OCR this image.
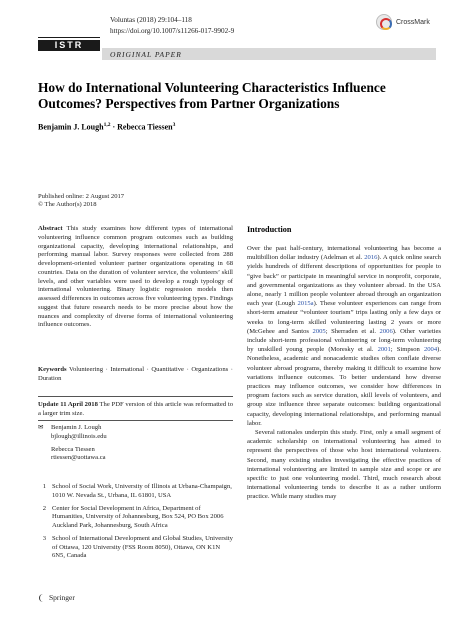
ISTR
Voluntas (2018) 29:104–118
https://doi.org/10.1007/s11266-017-9902-9
ORIGINAL PAPER
CrossMark
How do International Volunteering Characteristics Influence Outcomes? Perspectives from Partner Organizations
Benjamin J. Lough$^{1,2}$ · Rebecca Tiessen$^3$
Published online: 2 August 2017
© The Author(s) 2018
Abstract This study examines how different types of international volunteering influence common program outcomes such as building organizational capacity, developing international relationships, and performing manual labor. Survey responses were collected from 288 development-oriented volunteer partner organizations operating in 68 countries. Data on the duration of volunteer service, the volunteers’ skill levels, and other variables were used to develop a rough typology of international volunteering. Binary logistic regression models then assessed differences in outcomes across five volunteering types. Findings suggest that future research needs to be more precise about how the nuances and complexity of diverse forms of international volunteering influence outcomes.
Keywords Volunteering · International · Quantitative · Organizations · Duration
Update 11 April 2018 The PDF version of this article was reformatted to a larger trim size.
✉	Benjamin J. Lough
bjlough@illinois.edu
Rebecca Tiessen
rtiessen@uottawa.ca
1 School of Social Work, University of Illinois at Urbana-Champaign, 1010 W. Nevada St., Urbana, IL 61801, USA
2 Center for Social Development in Africa, Department of Humanities, University of Johannesburg, Box 524, PO Box 2006 Auckland Park, Johannesburg, South Africa
3 School of International Development and Global Studies, University of Ottawa, 120 University (FSS Room 8050), Ottawa, ON K1N 6N5, Canada
Springer
Introduction

Over the past half-century, international volunteering has become a multibillion dollar industry (Adelman et al. 2016). A quick online search yields hundreds of different descriptions of opportunities for people to “give back” or participate in meaningful service in nonprofit, corporate, and governmental organizations as they volunteer abroad. In the USA alone, nearly 1 million people volunteer abroad through an organization each year (Lough 2015a). These volunteer experiences can range from short-term amateur “volunteer tourism” trips lasting only a few days or weeks to long-term skilled volunteering lasting 2 years or more (McGehee and Santos 2005; Sherraden et al. 2006). Other varieties include short-term professional volunteering or long-term volunteering by unskilled young people (Moresky et al. 2001; Simpson 2004). Nonetheless, academic and nonacademic studies often conflate diverse volunteer abroad programs, thereby making it difficult to examine how variations influence outcomes. To better understand how diverse practices may influence outcomes, we consider how differences in program factors such as service duration, skill levels of volunteers, and group size influence three separate outcomes: building organizational capacity, developing international relationships, and performing manual labor.

Several rationales underpin this study. First, only a small segment of academic scholarship on international volunteering has aimed to represent the perspectives of those who host international volunteers. Second, many existing studies investigating the effective practices of international volunteering are limited in sample size and scope or are specific to just one volunteering model. Third, much research about international volunteering tends to describe it as a rather uniform practice. While many studies may
